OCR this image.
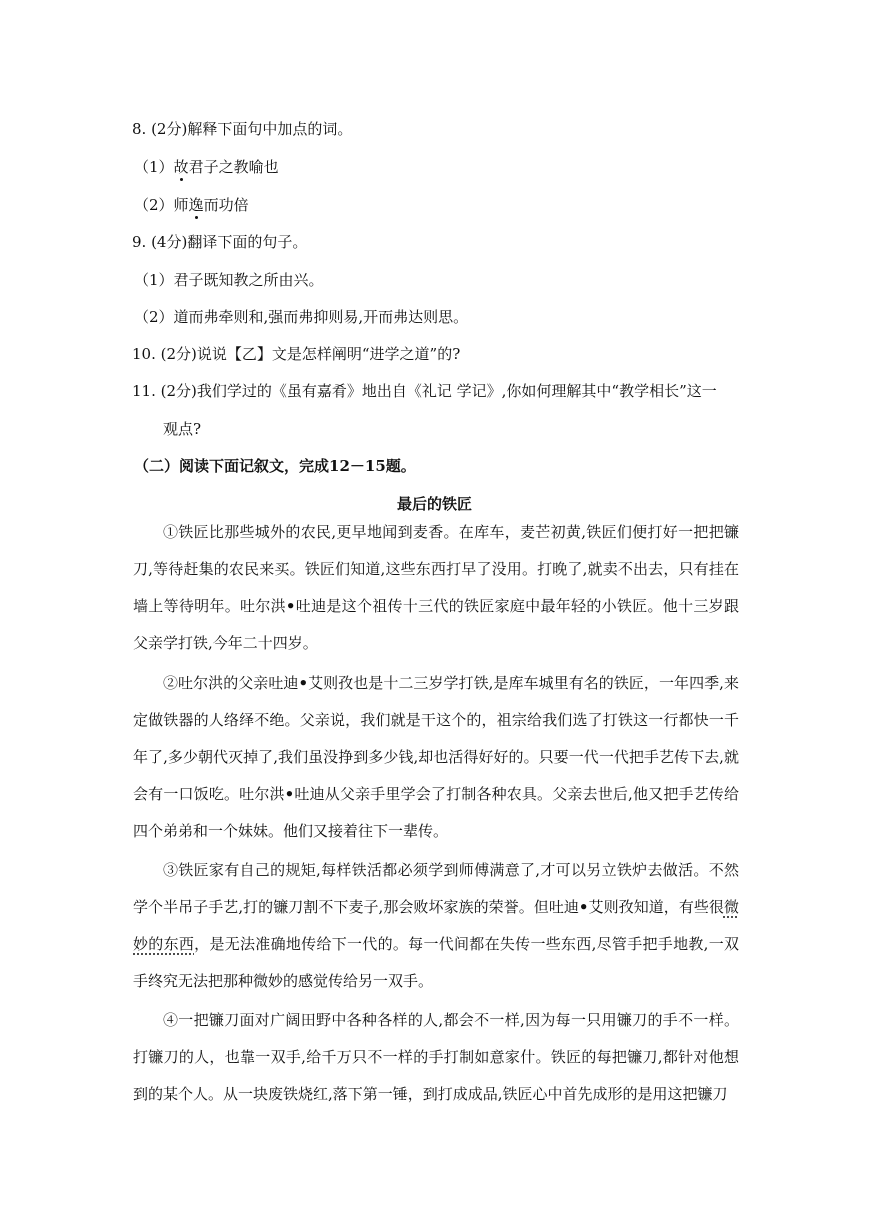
8. (2分)解释下面句中加点的词。
（1）故君子之教喻也
（2）师逸而功倍
9. (4分)翻译下面的句子。
（1）君子既知教之所由兴。
（2）道而弗牵则和,强而弗抑则易,开而弗达则思。
10. (2分)说说【乙】文是怎样阐明“进学之道”的?
11. (2分)我们学过的《虽有嘉肴》地出自《礼记 学记》,你如何理解其中“教学相长”这一
观点?
（二）阅读下面记叙文，完成12－15题。
最后的铁匠

①铁匠比那些城外的农民,更早地闻到麦香。在库车，麦芒初黄,铁匠们便打好一把把镰刀,等待赶集的农民来买。铁匠们知道,这些东西打早了没用。打晚了,就卖不出去，只有挂在墙上等待明年。吐尔洪•吐迪是这个祖传十三代的铁匠家庭中最年轻的小铁匠。他十三岁跟父亲学打铁,今年二十四岁。

②吐尔洪的父亲吐迪•艾则孜也是十二三岁学打铁,是库车城里有名的铁匠，一年四季,来定做铁器的人络绎不绝。父亲说，我们就是干这个的，祖宗给我们选了打铁这一行都快一千年了,多少朝代灭掉了,我们虽没挣到多少钱,却也活得好好的。只要一代一代把手艺传下去,就会有一口饭吃。吐尔洪•吐迪从父亲手里学会了打制各种农具。父亲去世后,他又把手艺传给四个弟弟和一个妹妹。他们又接着往下一辈传。

③铁匠家有自己的规矩,每样铁活都必须学到师傅满意了,才可以另立铁炉去做活。不然学个半吊子手艺,打的镰刀割不下麦子,那会败坏家族的荣誉。但吐迪•艾则孜知道，有些很微妙的东西，是无法准确地传给下一代的。每一代间都在失传一些东西,尽管手把手地教,一双手终究无法把那种微妙的感觉传给另一双手。

④一把镰刀面对广阔田野中各种各样的人,都会不一样,因为每一只用镰刀的手不一样。打镰刀的人，也靠一双手,给千万只不一样的手打制如意家什。铁匠的每把镰刀,都针对他想到的某个人。从一块废铁烧红,落下第一锤，到打成成品,铁匠心中首先成形的是用这把镰刀
